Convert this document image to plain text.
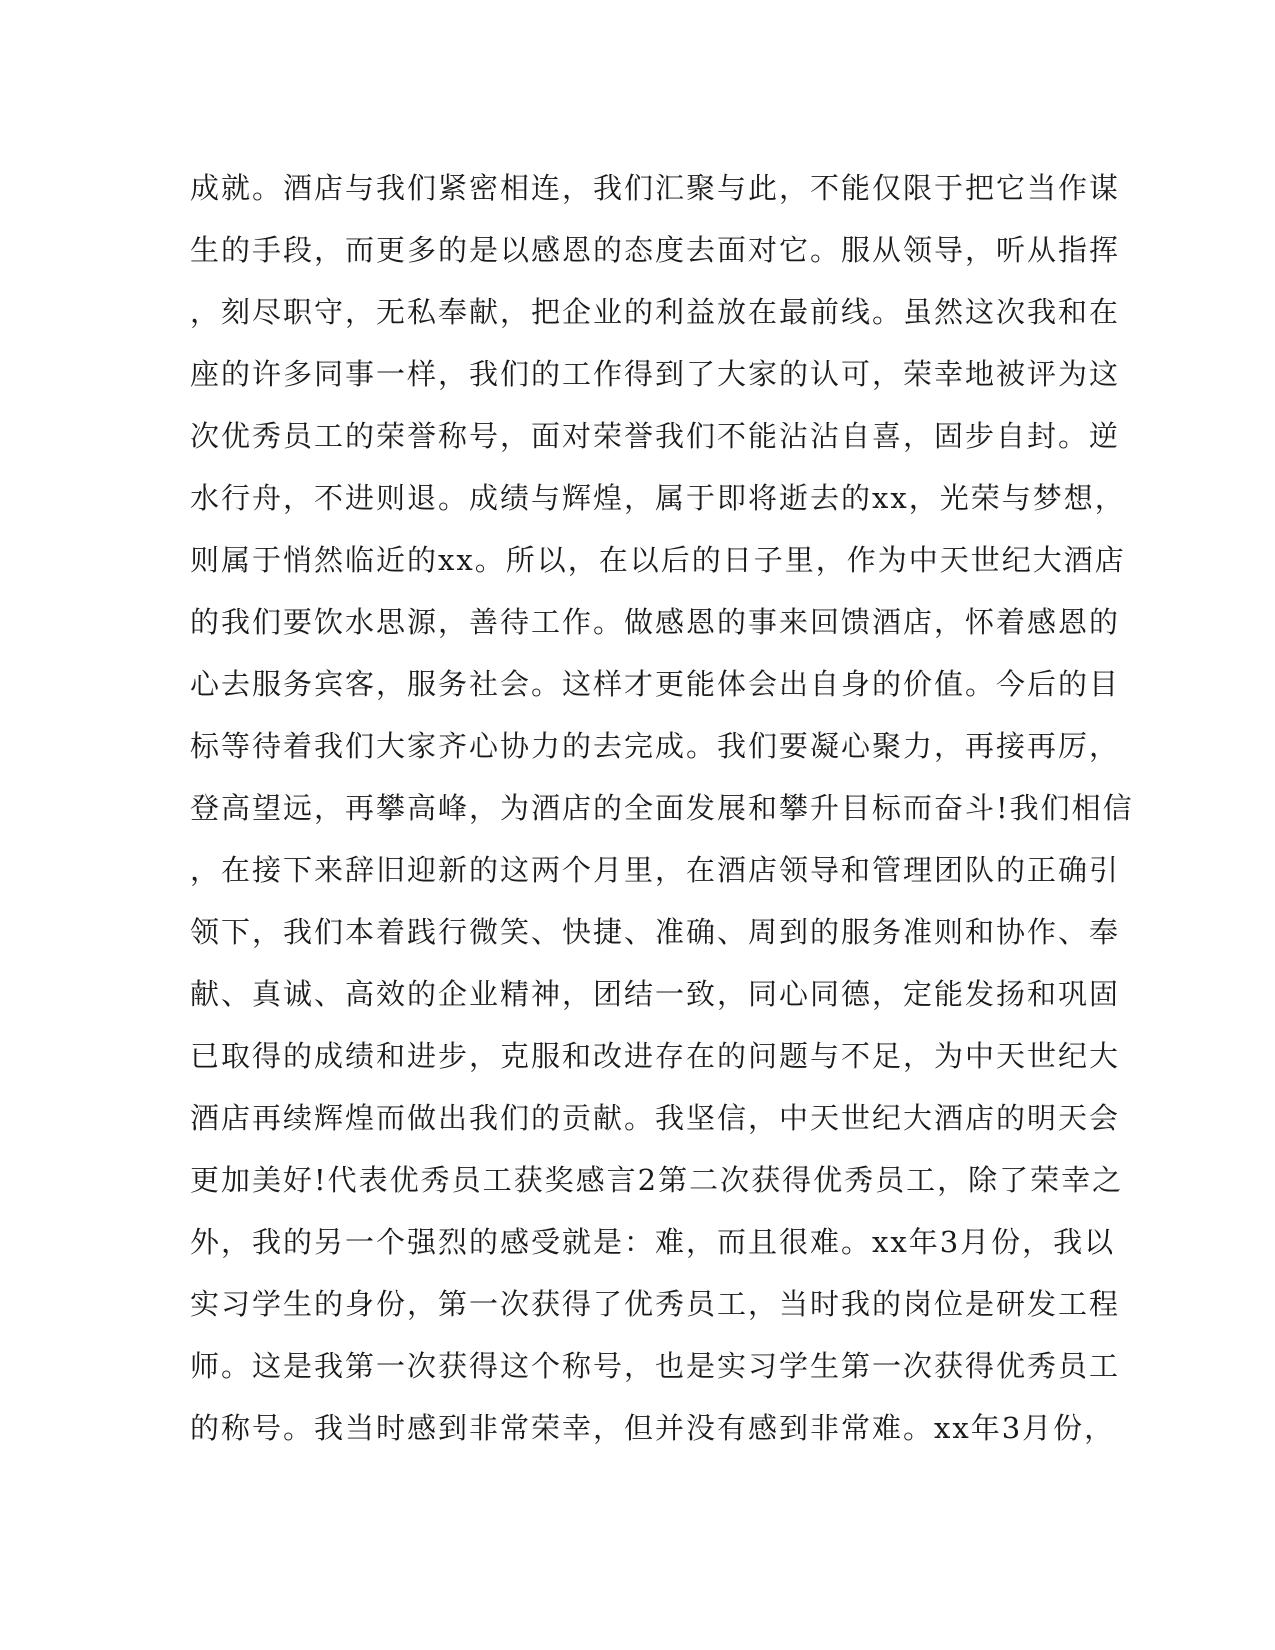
成就。酒店与我们紧密相连，我们汇聚与此，不能仅限于把它当作谋
生的手段，而更多的是以感恩的态度去面对它。服从领导，听从指挥
，刻尽职守，无私奉献，把企业的利益放在最前线。虽然这次我和在
座的许多同事一样，我们的工作得到了大家的认可，荣幸地被评为这
次优秀员工的荣誉称号，面对荣誉我们不能沾沾自喜，固步自封。逆
水行舟，不进则退。成绩与辉煌，属于即将逝去的xx，光荣与梦想，
则属于悄然临近的xx。所以，在以后的日子里，作为中天世纪大酒店
的我们要饮水思源，善待工作。做感恩的事来回馈酒店，怀着感恩的
心去服务宾客，服务社会。这样才更能体会出自身的价值。今后的目
标等待着我们大家齐心协力的去完成。我们要凝心聚力，再接再厉，
登高望远，再攀高峰，为酒店的全面发展和攀升目标而奋斗!我们相信
，在接下来辞旧迎新的这两个月里，在酒店领导和管理团队的正确引
领下，我们本着践行微笑、快捷、准确、周到的服务准则和协作、奉
献、真诚、高效的企业精神，团结一致，同心同德，定能发扬和巩固
已取得的成绩和进步，克服和改进存在的问题与不足，为中天世纪大
酒店再续辉煌而做出我们的贡献。我坚信，中天世纪大酒店的明天会
更加美好!代表优秀员工获奖感言2第二次获得优秀员工，除了荣幸之
外，我的另一个强烈的感受就是：难，而且很难。xx年3月份，我以
实习学生的身份，第一次获得了优秀员工，当时我的岗位是研发工程
师。这是我第一次获得这个称号，也是实习学生第一次获得优秀员工
的称号。我当时感到非常荣幸，但并没有感到非常难。xx年3月份，
